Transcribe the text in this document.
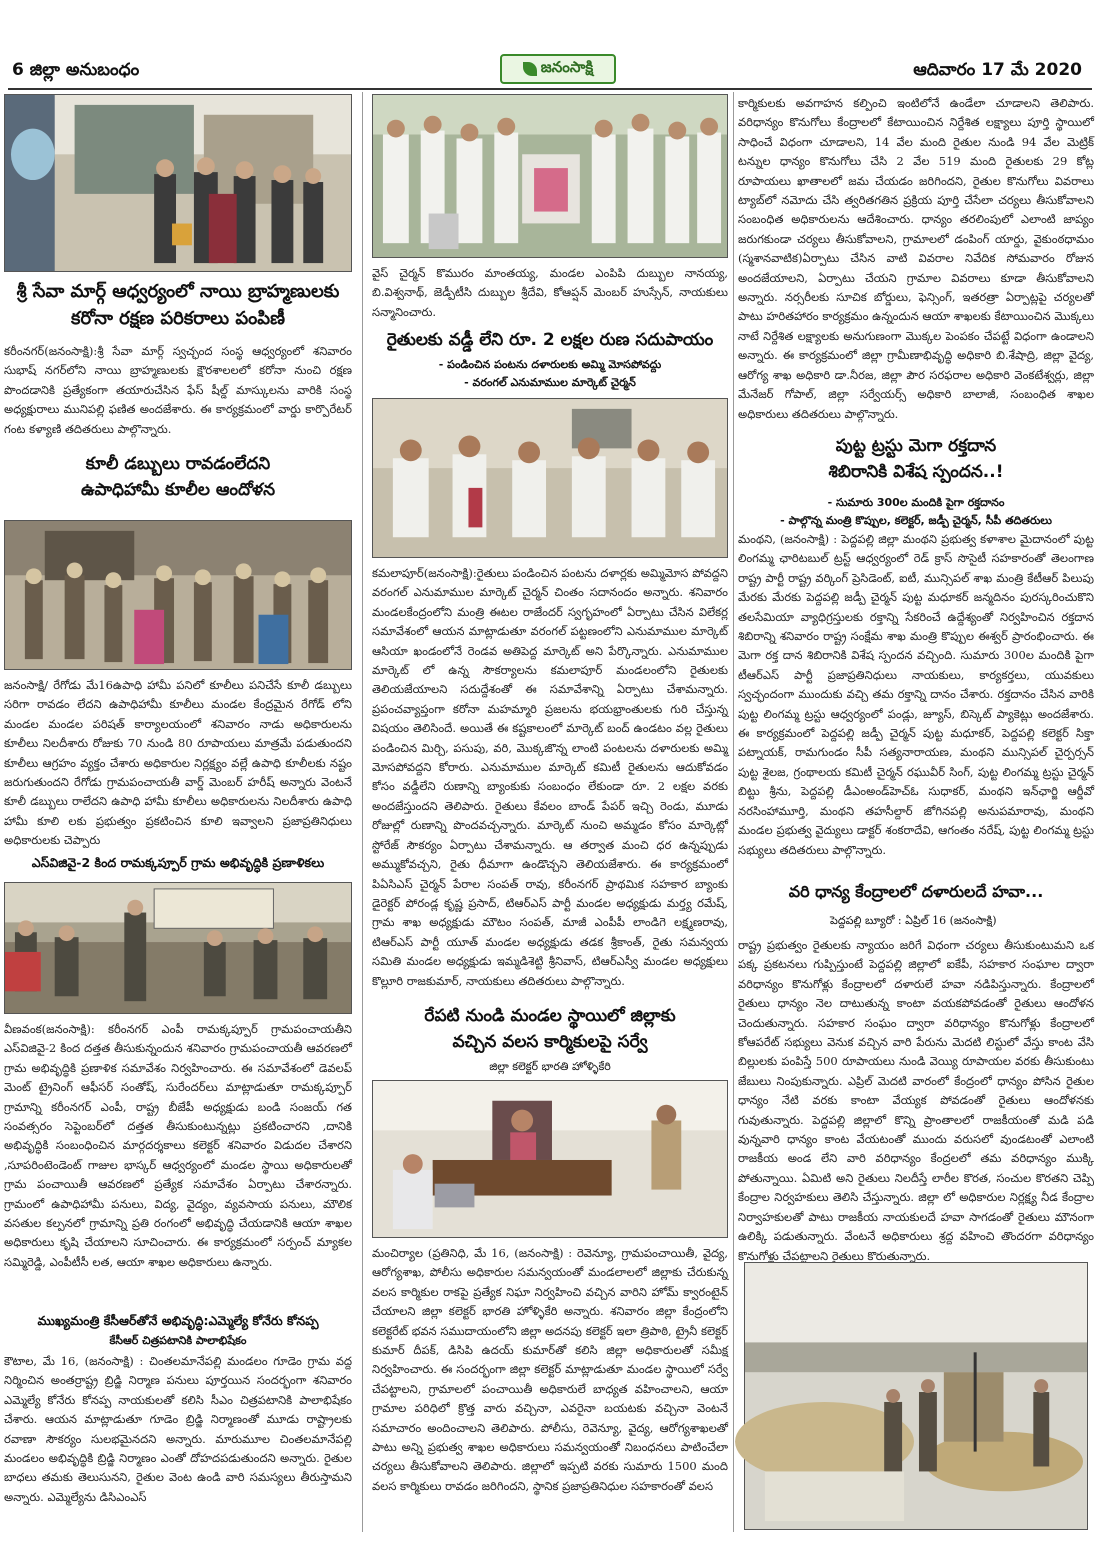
6 జిల్లా అనుబంధం	జనంసాక్షి	ఆదివారం 17 మే 2020
శ్రీ సేవా మార్గ్ ఆధ్వర్యంలో నాయి బ్రాహ్మణులకు
కరోనా రక్షణ పరికరాలు పంపిణీ
కరీంనగర్(జనంసాక్షి):శ్రీ సేవా మార్గ్ స్వచ్ఛంద సంస్థ ఆధ్వర్యంలో శనివారం సుభాష్ నగర్‌లోని నాయి బ్రాహ్మణులకు క్షౌరశాలలలో కరోనా నుంచి రక్షణ పొందడానికి ప్రత్యేకంగా తయారుచేసిన ఫేస్ షీల్డ్ మాస్కులను వారికి సంస్థ అధ్యక్షురాలు మునిపల్లి ఫణిత అందజేశారు. ఈ కార్యక్రమంలో వార్డు కార్పొరేటర్ గంట కళ్యాణి తదితరులు పాల్గొన్నారు.
కూలీ డబ్బులు రావడంలేదని
ఉపాధిహామీ కూలీల ఆందోళన
జనంసాక్షి/ రేగోడు మే16ఉపాధి హామీ పనిలో కూలీలు పనిచేసే కూలీ డబ్బులు సరిగా రావడం లేదని ఉపాధిహామీ కూలీలు మండల కేంద్రమైన రేగోడ్ లోని మండల మండల పరిషత్ కార్యాలయంలో శనివారం నాడు అధికారులను కూలీలు నిలదీశారు రోజుకు 70 నుండి 80 రూపాయలు మాత్రమే పడుతుందని కూలీలు ఆగ్రహం వ్యక్తం చేశారు అధికారుల నిర్లక్ష్యం వల్లే ఉపాధి కూలీలకు నష్టం జరుగుతుందని రేగోడు గ్రామపంచాయతీ వార్డ్ మెంబర్ హరీష్ అన్నారు వెంటనే కూలీ డబ్బులు రాలేదని ఉపాధి హామీ కూలీలు అధికారులను నిలదీశారు ఉపాధి హామీ కూలి లకు ప్రభుత్వం ప్రకటించిన కూలి ఇవ్వాలని ప్రజాప్రతినిధులు అధికారులకు చెప్పారు
ఎస్‌విజివై-2 కింద రామక్కప్పూర్ గ్రామ అభివృద్ధికి ప్రణాళికలు
వీణవంక(జనంసాక్షి): కరీంనగర్ ఎంపీ రామక్కప్పూర్ గ్రామపంచాయతీని ఎస్‌విజివై-2 కింద దత్తత తీసుకున్నందున శనివారం గ్రామపంచాయతీ ఆవరణలో గ్రామ అభివృద్ధికి ప్రణాళిక సమావేశం నిర్వహించారు. ఈ సమావేశంలో డెవలప్ మెంట్ ట్రైనింగ్ ఆఫీసర్ సంతోష్, సురేందర్‌లు మాట్లాడుతూ రామక్కప్పూర్ గ్రామాన్ని కరీంనగర్ ఎంపీ, రాష్ట్ర బీజేపీ అధ్యక్షుడు బండి సంజయ్ గత సంవత్సరం సెప్టెంబర్‌లో దత్తత తీసుకుంటున్నట్లు ప్రకటించారని ,దానికి అభివృద్ధికి సంబంధించిన మార్గదర్శకాలు కలెక్టర్ శనివారం విడుదల చేశారని ,సూపరింటెండెంట్ గాజుల భాస్కర్ ఆధ్వర్యంలో మండల స్థాయి అధికారులతో గ్రామ పంచాయితీ ఆవరణలో ప్రత్యేక సమావేశం ఏర్పాటు చేశారన్నారు. గ్రామంలో ఉపాధిహామీ పనులు, విద్య, వైద్యం, వ్యవసాయ పనులు, మౌలిక వసతుల కల్పనలో గ్రామాన్ని ప్రతి రంగంలో అభివృద్ధి చేయడానికి ఆయా శాఖల అధికారులు కృషి చేయాలని సూచించారు. ఈ కార్యక్రమంలో సర్పంచ్ మ్యాకల సమ్మిరెడ్డి, ఎంపీటీసీ లత, ఆయా శాఖల అధికారులు ఉన్నారు.
ముఖ్యమంత్రి కేసీఆర్‌తోనే అభివృద్ధి:ఎమ్మెల్యే కోనేరు కోనప్ప
కేసీఆర్ చిత్రపటానికి పాలాభిషేకం
కౌటాల, మే 16, (జనంసాక్షి) : చింతలమానేపల్లి మండలం గూడెం గ్రామ వద్ద నిర్మించిన అంతర్రాష్ట్ర బ్రిడ్జి నిర్మాణ పనులు పూర్తయిన సందర్భంగా శనివారం ఎమ్మెల్యే కోనేరు కోనప్ప నాయకులతో కలిసి సీఎం చిత్రపటానికి పాలాభిషేకం చేశారు. ఆయన మాట్లాడుతూ గూడెం బ్రిడ్జి నిర్మాణంతో మూడు రాష్ట్రాలకు రవాణా సౌకర్యం సులభమైనదని అన్నారు. మారుమూల చింతలమానేపల్లి మండలం అభివృద్ధికి బ్రిడ్జి నిర్మాణం ఎంతో దోహదపడుతుందని అన్నారు. రైతుల బాధలు తమకు తెలుసునని, రైతుల వెంట ఉండి వారి సమస్యలు తీరుస్తామని అన్నారు. ఎమ్మెల్యేను డిసిఎంఎస్
వైస్ చైర్మన్ కొమురం మాంతయ్య, మండల ఎంపిపి దుబ్బుల నానయ్య, బి.విశ్వనాథ్, జెడ్పీటీసి దుబ్బుల శ్రీదేవి, కోఆప్షన్ మెంబర్ హుస్సేన్, నాయకులు సన్మానించారు.
రైతులకు వడ్డీ లేని రూ. 2 లక్షల రుణ సదుపాయం
- పండించిన పంటను దళారులకు అమ్మి మోసపోవద్దు
- వరంగల్ ఎనుమాముల మార్కెట్ చైర్మన్
కమలాపూర్(జనంసాక్షి):రైతులు పండించిన పంటను దళార్లకు అమ్మిమోస పోవద్దని వరంగల్ ఎనుమాముల మార్కెట్ చైర్మన్ చింతం సదానందం అన్నారు. శనివారం మండలకేంద్రంలోని మంత్రి ఈటల రాజేందర్ స్వగృహంలో ఏర్పాటు చేసిన విలేకర్ల సమావేశంలో ఆయన మాట్లాడుతూ వరంగల్ పట్టణంలోని ఎనుమాముల మార్కెట్ ఆసియా ఖండంలోనే రెండవ అతిపెద్ద మార్కెట్ అని పేర్కొన్నారు. ఎనుమాముల మార్కెట్ లో ఉన్న సౌకర్యాలను కమలాపూర్ మండలంలోని రైతులకు తెలియజేయాలని సదుద్దేశంతో ఈ సమావేశాన్ని ఏర్పాటు చేశామన్నారు. ప్రపంచవ్యాప్తంగా కరోనా మహమ్మారి ప్రజలను భయభ్రాంతులకు గురి చేస్తున్న విషయం తెలిసిందే. అయితే ఈ కష్టకాలంలో మార్కెట్ బంద్ ఉండటం వల్ల రైతులు పండించిన మిర్చి, పసుపు, వరి, మొక్కజొన్న లాంటి పంటలను దళారులకు అమ్మి మోసపోవద్దని కోరారు. ఎనుమాముల మార్కెట్ కమిటీ రైతులను ఆదుకోవడం కోసం వడ్డీలేని రుణాన్ని బ్యాంకుకు సంబంధం లేకుండా రూ. 2 లక్షల వరకు అందజేస్తుందని తెలిపారు. రైతులు కేవలం బాండ్ పేపర్ ఇచ్చి రెండు, మూడు రోజుల్లో రుణాన్ని పొందవచ్చన్నారు. మార్కెట్ నుంచి అమ్మడం కోసం మార్కెట్లో స్టోరేజ్ సౌకర్యం ఏర్పాటు చేశామన్నారు. ఆ తర్వాత మంచి ధర ఉన్నప్పుడు అమ్ముకోవచ్చని, రైతు ధీమాగా ఉండొచ్చని తెలియజేశారు. ఈ కార్యక్రమంలో పిఏసిఎస్ చైర్మన్ పేరాల సంపత్ రావు, కరీంనగర్ ప్రాథమిక సహకార బ్యాంకు డైరెక్టర్ పోరండ్ల కృష్ణ ప్రసాద్, టిఆర్ఎస్ పార్టీ మండల అధ్యక్షుడు మర్త్య రమేష్, గ్రామ శాఖ అధ్యక్షుడు మౌటం సంపత్, మాజీ ఎంపీపీ లాండిగె లక్ష్మణరావు, టిఆర్ఎస్ పార్టీ యూత్ మండల అధ్యక్షుడు తడక శ్రీకాంత్, రైతు సమన్వయ సమితి మండల అధ్యక్షుడు ఇమ్మడిశెట్టి శ్రీనివాస్, టిఆర్ఎస్వీ మండల అధ్యక్షులు కొల్లూరి రాజకుమార్, నాయకులు తదితరులు పాల్గొన్నారు.
రేపటి నుండి మండల స్థాయిలో జిల్లాకు
వచ్చిన వలస కార్మికులపై సర్వే
జిల్లా కలెక్టర్ భారతి హోళ్ళికేరి
మంచిర్యాల (ప్రతినిధి, మే 16, (జనంసాక్షి) : రెవెన్యూ, గ్రామపంచాయితీ, వైద్య, ఆరోగ్యశాఖ, పోలీసు అధికారుల సమన్వయంతో మండలాలలో జిల్లాకు చేరుకున్న వలస కార్మికుల రాకపై ప్రత్యేక నిఘా నిర్వహించి వచ్చిన వారిని హోమ్ క్వారంటైన్ చేయాలని జిల్లా కలెక్టర్ భారతి హోళ్ళికేరి అన్నారు. శనివారం జిల్లా కేంద్రంలోని కలెక్టరేట్ భవన సముదాయంలోని జిల్లా అదనపు కలెక్టర్ ఇలా త్రిపాఠి, ట్రైనీ కలెక్టర్ కుమార్ దీపక్, డిసిపి ఉదయ్ కుమార్‌తో కలిసి జిల్లా అధికారులతో సమీక్ష నిర్వహించారు. ఈ సందర్భంగా జిల్లా కలెక్టర్ మాట్లాడుతూ మండల స్థాయిలో సర్వే చేపట్టాలని, గ్రామాలలో పంచాయితీ అధికారులే బాధ్యత వహించాలని, ఆయా గ్రామాల పరిధిలో క్రొత్త వారు వచ్చినా, ఎవరైనా బయటకు వచ్చినా వెంటనే సమాచారం అందించాలని తెలిపారు. పోలీసు, రెవెన్యూ, వైద్య, ఆరోగ్యశాఖలతో పాటు అన్ని ప్రభుత్వ శాఖల అధికారులు సమన్వయంతో నిబంధనలు పాటించేలా చర్యలు తీసుకోవాలని తెలిపారు. జిల్లాలో ఇప్పటి వరకు సుమారు 1500 మంది వలస కార్మికులు రావడం జరిగిందని, స్థానిక ప్రజాప్రతినిధుల సహకారంతో వలస
కార్మికులకు అవగాహన కల్పించి ఇంటిలోనే ఉండేలా చూడాలని తెలిపారు. వరిధాన్యం కొనుగోలు కేంద్రాలలో కేటాయించిన నిర్దేశిత లక్ష్యాలు పూర్తి స్థాయిలో సాధించే విధంగా చూడాలని, 14 వేల మంది రైతుల నుండి 94 వేల మెట్రిక్ టన్నుల ధాన్యం కొనుగోలు చేసి 2 వేల 519 మంది రైతులకు 29 కోట్ల రూపాయలు ఖాతాలలో జమ చేయడం జరిగిందని, రైతుల కొనుగోలు వివరాలు ట్యాబ్‌లో నమోదు చేసి త్వరితగతిన ప్రక్రియ పూర్తి చేసేలా చర్యలు తీసుకోవాలని సంబంధిత అధికారులను ఆదేశించారు. ధాన్యం తరలింపులో ఎలాంటి జాప్యం జరుగకుండా చర్యలు తీసుకోవాలని, గ్రామాలలో డంపింగ్ యార్డు, వైకుంఠధామం (స్మశానవాటిక)ఏర్పాటు చేసిన వాటి వివరాల నివేదిక సోమవారం రోజున అందజేయాలని, ఏర్పాటు చేయని గ్రామాల వివరాలు కూడా తీసుకోవాలని అన్నారు. నర్సరీలకు సూచిక బోర్డులు, ఫెన్సింగ్, ఇతరత్రా ఏర్పాట్లపై చర్యలతో పాటు హరితహారం కార్యక్రమం ఉన్నందున ఆయా శాఖలకు కేటాయించిన మొక్కలు నాటే నిర్దేశిత లక్ష్యాలకు అనుగుణంగా మొక్కల పెంపకం చేపట్టే విధంగా ఉండాలని అన్నారు. ఈ కార్యక్రమంలో జిల్లా గ్రామీణాభివృద్ధి అధికారి బి.శేషాద్రి, జిల్లా వైద్య, ఆరోగ్య శాఖ అధికారి డా.నీరజ, జిల్లా పౌర సరఫరాల అధికారి వెంకటేశ్వర్లు, జిల్లా మేనేజర్ గోపాల్, జిల్లా సర్వేయర్స్ అధికారి బాలాజీ, సంబంధిత శాఖల అధికారులు తదితరులు పాల్గొన్నారు.
పుట్ట ట్రస్టు మెగా రక్తదాన
శిబిరానికి విశేష స్పందన..!
- సుమారు 300ల మందికి పైగా రక్తదానం
- పాల్గొన్న మంత్రి కొప్పుల, కలెక్టర్, జడ్పీ చైర్మన్, సీపీ తదితరులు
మంథని, (జనంసాక్షి) : పెద్దపల్లి జిల్లా మంథని ప్రభుత్వ కళాశాల మైదానంలో పుట్ట లింగమ్మ ఛారిటబుల్ ట్రస్ట్ ఆధ్వర్యంలో రెడ్ క్రాస్ సొసైటీ సహకారంతో తెలంగాణ రాష్ట్ర పార్టీ రాష్ట్ర వర్కింగ్ ప్రెసిడెంట్, ఐటీ, మున్సిపల్ శాఖ మంత్రి కేటీఆర్ పిలుపు మేరకు మేరకు పెద్దపల్లి జడ్పీ చైర్మన్ పుట్ట మధూకర్ జన్మదినం పురస్కరించుకొని తలసేమియా వ్యాధిగ్రస్తులకు రక్తాన్ని సేకరించే ఉద్దేశ్యంతో నిర్వహించిన రక్తదాన శిబిరాన్ని శనివారం రాష్ట్ర సంక్షేమ శాఖ మంత్రి కొప్పుల ఈశ్వర్ ప్రారంభించారు. ఈ మెగా రక్త దాన శిబిరానికి విశేష స్పందన వచ్చింది. సుమారు 300ల మందికి పైగా టీఆర్ఎస్ పార్టీ ప్రజాప్రతినిధులు నాయకులు, కార్యకర్తలు, యువకులు స్వచ్ఛందంగా ముందుకు వచ్చి తమ రక్తాన్ని దానం చేశారు. రక్తదానం చేసిన వారికి పుట్ట లింగమ్మ ట్రస్టు ఆధ్వర్యంలో పండ్లు, జ్యూస్, బిస్కెట్ ప్యాకెట్లు అందజేశారు. ఈ కార్యక్రమంలో పెద్దపల్లి జడ్పీ చైర్మన్ పుట్ట మధూకర్, పెద్దపల్లి కలెక్టర్ సిక్తా పట్నాయక్, రామగుండం సీపీ సత్యనారాయణ, మంథని మున్సిపల్ చైర్పర్సన్ పుట్ట శైలజ, గ్రంథాలయ కమిటీ చైర్మన్ రఘువీర్ సింగ్, పుట్ట లింగమ్మ ట్రస్టు చైర్మన్ బిట్టు శ్రీను, పెద్దపల్లి డీఎంఅండ్‌హెచ్ఓ సుధాకర్, మంథని ఇన్‌ఛార్జి ఆర్డీవో నరసింహామూర్తి, మంథని తహసీల్దార్ జోగినపల్లి అనుపమారావు, మంథని మండల ప్రభుత్వ వైద్యులు డాక్టర్ శంకరాదేవి, ఆగంతం నరేష్, పుట్ట లింగమ్మ ట్రస్టు సభ్యులు తదితరులు పాల్గొన్నారు.
వరి ధాన్య కేంద్రాలలో దళారులదే హవా...
పెద్దపల్లి బ్యూరో : ఏప్రిల్ 16 (జనంసాక్షి)
రాష్ట్ర ప్రభుత్వం రైతులకు న్యాయం జరిగే విధంగా చర్యలు తీసుకుంటుమని ఒక పక్క ప్రకటనలు గుప్పిస్తుంటే పెద్దపల్లి జిల్లాలో ఐకేపీ, సహకార సంఘాల ద్వారా వరిధాన్యం కొనుగోళ్లు కేంద్రాలలో దళారులే హవా నడిపిస్తున్నారు. కేంద్రాలలో రైతులు ధాన్యం నెల దాటుతున్న కాంటా వయకపోవడంతో రైతులు ఆందోళన చెందుతున్నారు. సహకార సంఘం ద్వారా వరిధాన్యం కొనుగోళ్లు కేంద్రాలలో కోఆపరేట్ సభ్యులు వెనుక వచ్చిన వారి పేరును మెదటి లిస్టులో వేస్తు కాంట వేసి బిల్లులకు పంపిస్తే 500 రూపాయలు నుండి వెయ్యి రూపాయల వరకు తీసుకుంటు జేబులు నింపుకున్నారు. ఎప్రిల్ మెదటి వారంలో కేంద్రంలో ధాన్యం పోసిన రైతుల ధాన్యం నేటి వరకు కాంటా వేయ్యక పోవడంతో రైతులు ఆందోళనకు గువుతున్నారు. పెద్దపల్లి జిల్లాలో కొన్ని ప్రాంతాలలో రాజకీయంతో మడి పడి వున్నవారి ధాన్యం కాంట వేయటంతో ముందు వరుసలో వుండటంతో ఎలాంటి రాజకీయ అండ లేని వారి వరిధాన్యం కేంద్రలలో తమ వరిధాన్యం ముక్కి పోతున్నాయి. ఏమిటి అని రైతులు నిలదీస్తే లారీల కొరత, సంచుల కొరతని చెప్పి కేంద్రాల నిర్వహకులు తెలిసి చేస్తున్నారు. జిల్లా లో అధికారుల నిర్లక్ష్య నీడ కేంద్రాల నిర్వాహకులతో పాటు రాజకీయ నాయకులదే హవా సాగడంతో రైతులు మౌనంగా ఉలిక్కి పడుతున్నారు. వేంటనే అధికారులు శ్రద్ద వహించి తొందరగా వరిధాన్యం కొనుగోళ్లు చేపట్టాలని రైతులు కొరుతున్నారు.
